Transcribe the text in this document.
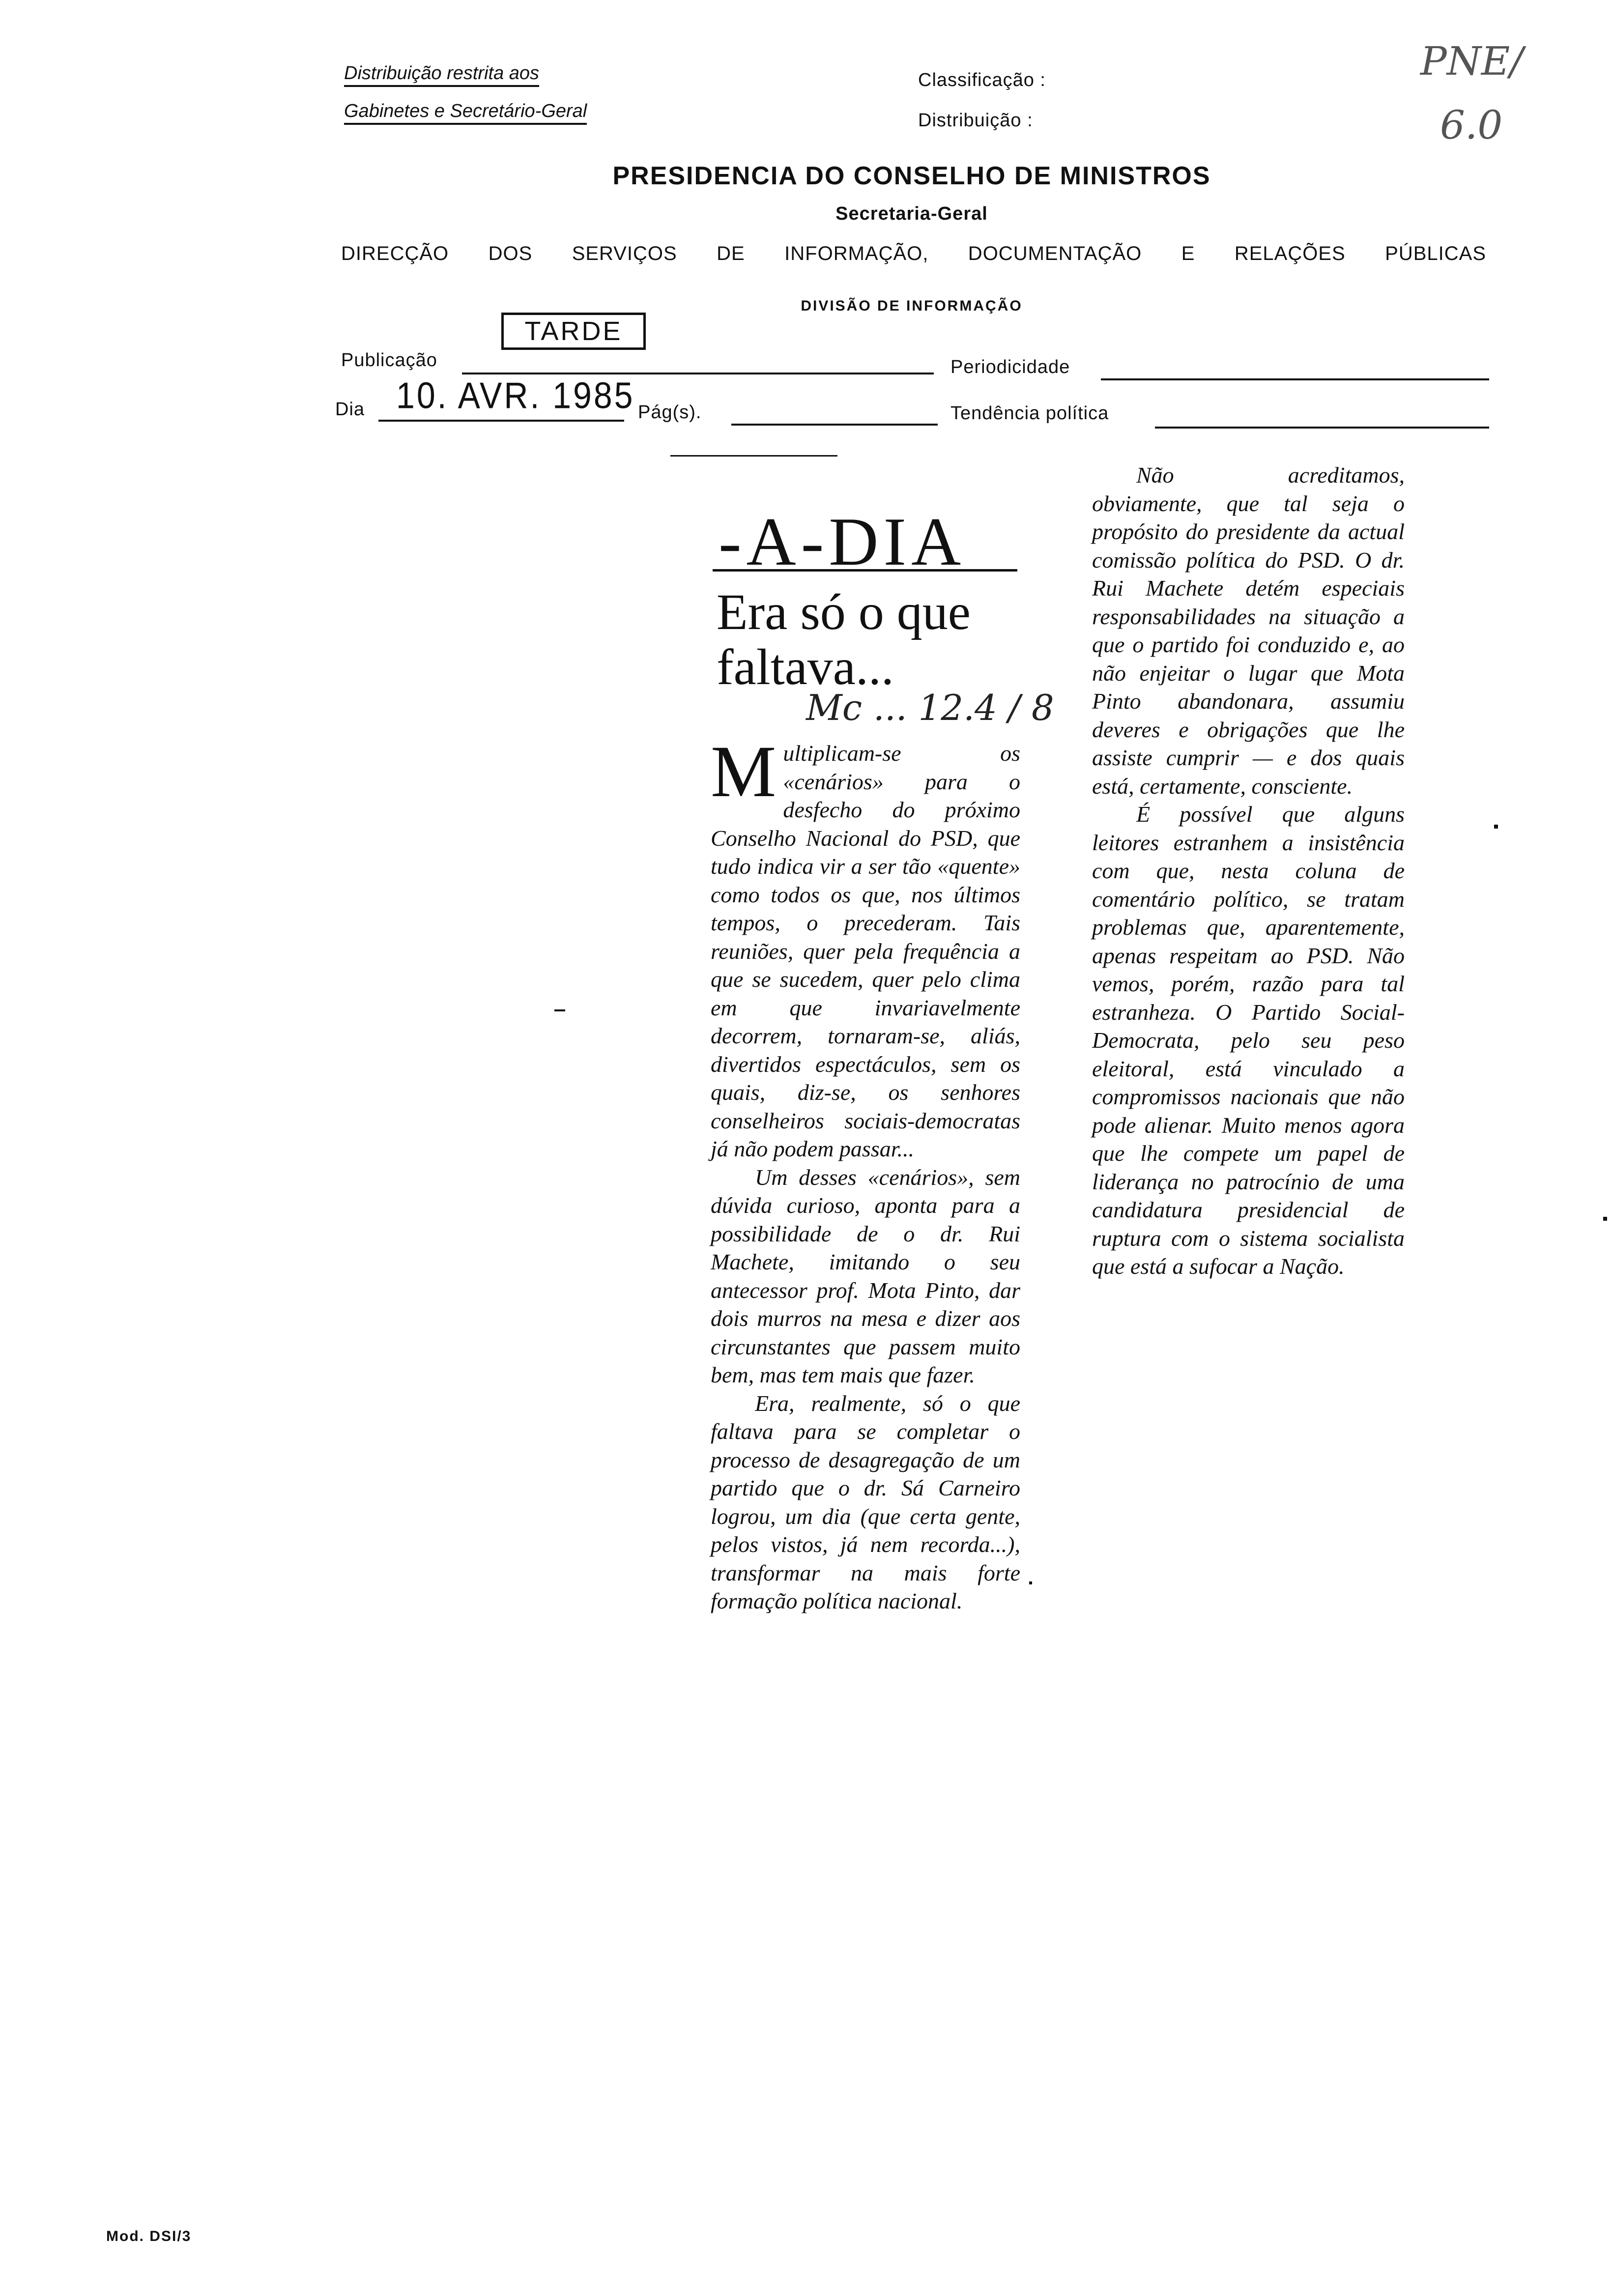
Distribuição restrita aos
Gabinetes e Secretário-Geral
Classificação :
Distribuição :
PNE/
6.0
PRESIDENCIA DO CONSELHO DE MINISTROS
Secretaria-Geral
DIRECÇÃO DOS SERVIÇOS DE INFORMAÇÃO, DOCUMENTAÇÃO E RELAÇÕES PÚBLICAS
DIVISÃO DE INFORMAÇÃO
TARDE
Publicação	Periodicidade
Dia 10. AVR. 1985 Pág(s).	Tendência política
-A-DIA
Era só o que
faltava...
Mc ... 12.4 / 8

Multiplicam-se os «cenários» para o desfecho do próximo Conselho Nacional do PSD, que tudo indica vir a ser tão «quente» como todos os que, nos últimos tempos, o precederam. Tais reuniões, quer pela frequência a que se sucedem, quer pelo clima em que invariavelmente decorrem, tornaram-se, aliás, divertidos espectáculos, sem os quais, diz-se, os senhores conselheiros sociais-democratas já não podem passar...

Um desses «cenários», sem dúvida curioso, aponta para a possibilidade de o dr. Rui Machete, imitando o seu antecessor prof. Mota Pinto, dar dois murros na mesa e dizer aos circunstantes que passem muito bem, mas tem mais que fazer.

Era, realmente, só o que faltava para se completar o processo de desagregação de um partido que o dr. Sá Carneiro logrou, um dia (que certa gente, pelos vistos, já nem recorda...), transformar na mais forte formação política nacional.

Não acreditamos, obviamente, que tal seja o propósito do presidente da actual comissão política do PSD. O dr. Rui Machete detém especiais responsabilidades na situação a que o partido foi conduzido e, ao não enjeitar o lugar que Mota Pinto abandonara, assumiu deveres e obrigações que lhe assiste cumprir — e dos quais está, certamente, consciente.

É possível que alguns leitores estranhem a insistência com que, nesta coluna de comentário político, se tratam problemas que, aparentemente, apenas respeitam ao PSD. Não vemos, porém, razão para tal estranheza. O Partido Social-Democrata, pelo seu peso eleitoral, está vinculado a compromissos nacionais que não pode alienar. Muito menos agora que lhe compete um papel de liderança no patrocínio de uma candidatura presidencial de ruptura com o sistema socialista que está a sufocar a Nação.

Mod. DSI/3
